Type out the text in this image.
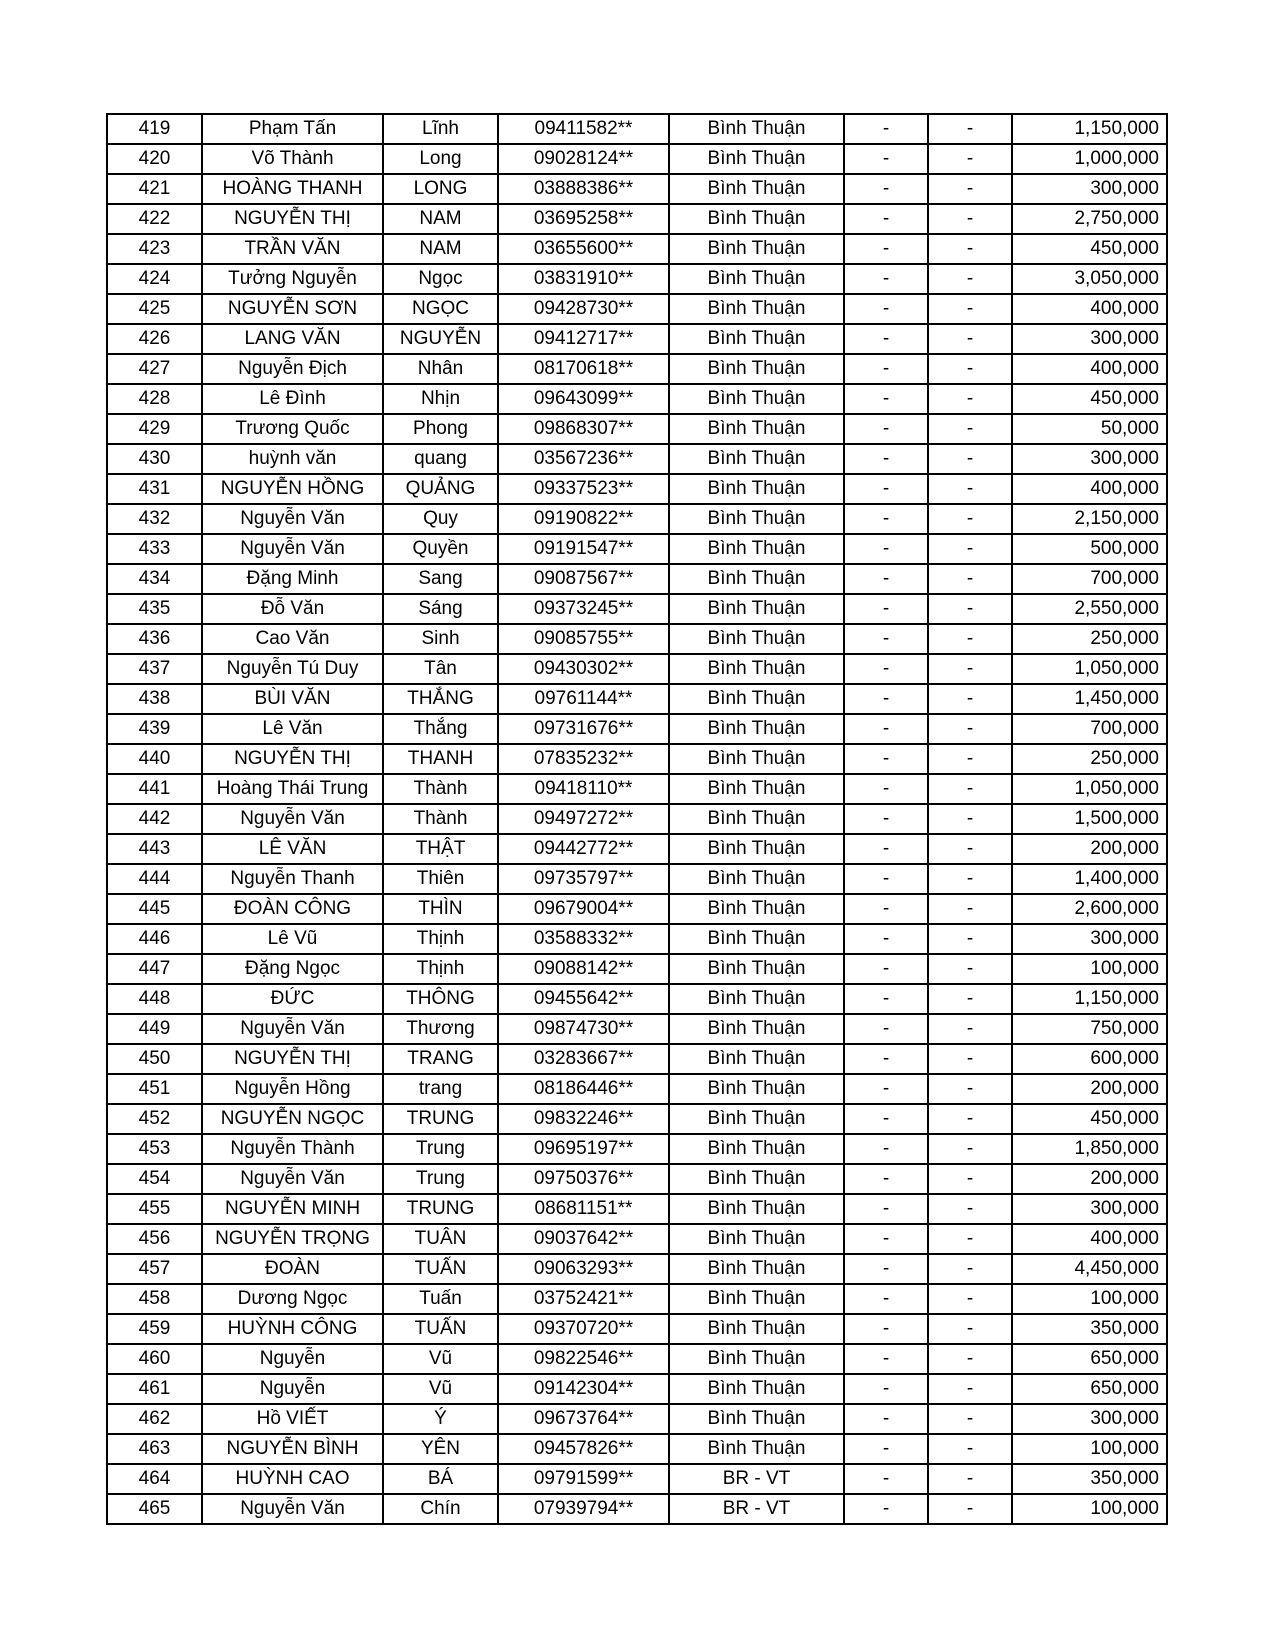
419	Phạm Tấn	Lĩnh	09411582**	Bình Thuận	-	-	1,150,000
420	Võ Thành	Long	09028124**	Bình Thuận	-	-	1,000,000
421	HOÀNG THANH	LONG	03888386**	Bình Thuận	-	-	300,000
422	NGUYỄN THỊ	NAM	03695258**	Bình Thuận	-	-	2,750,000
423	TRẦN VĂN	NAM	03655600**	Bình Thuận	-	-	450,000
424	Tưởng Nguyễn	Ngọc	03831910**	Bình Thuận	-	-	3,050,000
425	NGUYỄN SƠN	NGỌC	09428730**	Bình Thuận	-	-	400,000
426	LANG VĂN	NGUYỄN	09412717**	Bình Thuận	-	-	300,000
427	Nguyễn Địch	Nhân	08170618**	Bình Thuận	-	-	400,000
428	Lê Đình	Nhịn	09643099**	Bình Thuận	-	-	450,000
429	Trương Quốc	Phong	09868307**	Bình Thuận	-	-	50,000
430	huỳnh văn	quang	03567236**	Bình Thuận	-	-	300,000
431	NGUYỄN HỒNG	QUẢNG	09337523**	Bình Thuận	-	-	400,000
432	Nguyễn Văn	Quy	09190822**	Bình Thuận	-	-	2,150,000
433	Nguyễn Văn	Quyền	09191547**	Bình Thuận	-	-	500,000
434	Đặng Minh	Sang	09087567**	Bình Thuận	-	-	700,000
435	Đỗ Văn	Sáng	09373245**	Bình Thuận	-	-	2,550,000
436	Cao Văn	Sinh	09085755**	Bình Thuận	-	-	250,000
437	Nguyễn Tú Duy	Tân	09430302**	Bình Thuận	-	-	1,050,000
438	BÙI VĂN	THẮNG	09761144**	Bình Thuận	-	-	1,450,000
439	Lê Văn	Thắng	09731676**	Bình Thuận	-	-	700,000
440	NGUYỄN THỊ	THANH	07835232**	Bình Thuận	-	-	250,000
441	Hoàng Thái Trung	Thành	09418110**	Bình Thuận	-	-	1,050,000
442	Nguyễn Văn	Thành	09497272**	Bình Thuận	-	-	1,500,000
443	LÊ VĂN	THẬT	09442772**	Bình Thuận	-	-	200,000
444	Nguyễn Thanh	Thiên	09735797**	Bình Thuận	-	-	1,400,000
445	ĐOÀN CÔNG	THÌN	09679004**	Bình Thuận	-	-	2,600,000
446	Lê Vũ	Thịnh	03588332**	Bình Thuận	-	-	300,000
447	Đặng Ngọc	Thịnh	09088142**	Bình Thuận	-	-	100,000
448	ĐỨC	THÔNG	09455642**	Bình Thuận	-	-	1,150,000
449	Nguyễn Văn	Thương	09874730**	Bình Thuận	-	-	750,000
450	NGUYỄN THỊ	TRANG	03283667**	Bình Thuận	-	-	600,000
451	Nguyễn Hồng	trang	08186446**	Bình Thuận	-	-	200,000
452	NGUYỄN NGỌC	TRUNG	09832246**	Bình Thuận	-	-	450,000
453	Nguyễn Thành	Trung	09695197**	Bình Thuận	-	-	1,850,000
454	Nguyễn Văn	Trung	09750376**	Bình Thuận	-	-	200,000
455	NGUYỄN MINH	TRUNG	08681151**	Bình Thuận	-	-	300,000
456	NGUYỄN TRỌNG	TUÂN	09037642**	Bình Thuận	-	-	400,000
457	ĐOÀN	TUẤN	09063293**	Bình Thuận	-	-	4,450,000
458	Dương Ngọc	Tuấn	03752421**	Bình Thuận	-	-	100,000
459	HUỲNH CÔNG	TUẤN	09370720**	Bình Thuận	-	-	350,000
460	Nguyễn	Vũ	09822546**	Bình Thuận	-	-	650,000
461	Nguyễn	Vũ	09142304**	Bình Thuận	-	-	650,000
462	Hồ VIẾT	Ý	09673764**	Bình Thuận	-	-	300,000
463	NGUYỄN BÌNH	YÊN	09457826**	Bình Thuận	-	-	100,000
464	HUỲNH CAO	BÁ	09791599**	BR - VT	-	-	350,000
465	Nguyễn Văn	Chín	07939794**	BR - VT	-	-	100,000
